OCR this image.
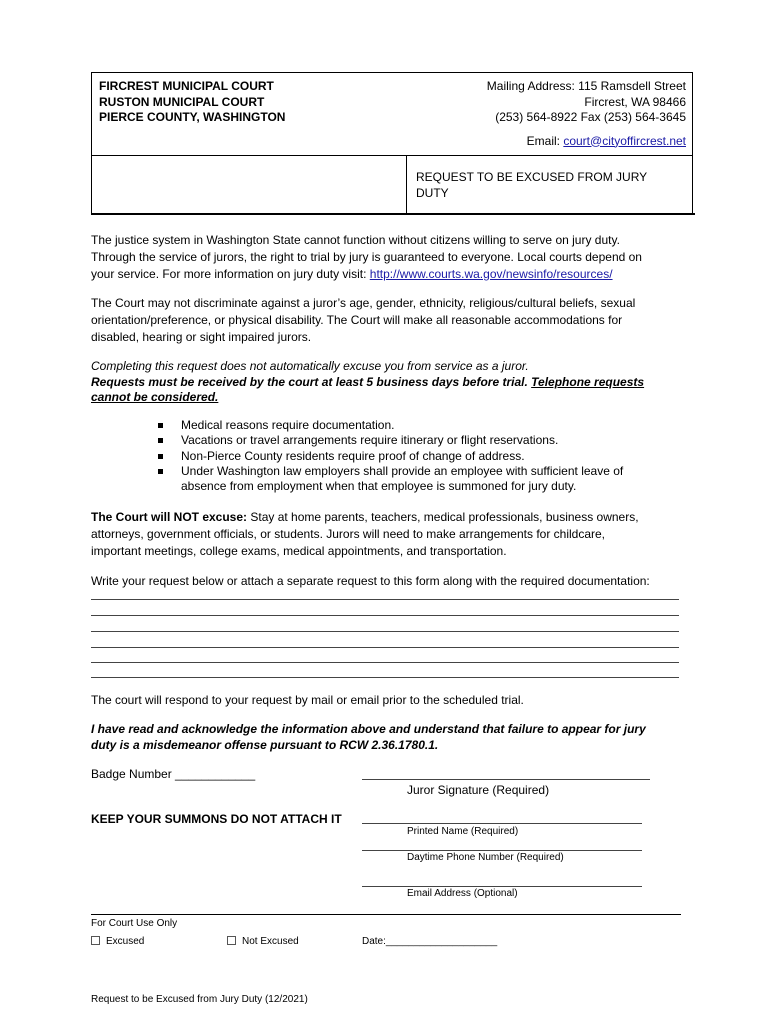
FIRCREST MUNICIPAL COURT
RUSTON MUNICIPAL COURT
PIERCE COUNTY, WASHINGTON
Mailing Address: 115 Ramsdell Street
Fircrest, WA 98466
(253) 564-8922 Fax (253) 564-3645
Email: court@cityoffircrest.net
REQUEST TO BE EXCUSED FROM JURY
DUTY
The justice system in Washington State cannot function without citizens willing to serve on jury duty.
Through the service of jurors, the right to trial by jury is guaranteed to everyone. Local courts depend on
your service. For more information on jury duty visit: http://www.courts.wa.gov/newsinfo/resources/
The Court may not discriminate against a juror’s age, gender, ethnicity, religious/cultural beliefs, sexual
orientation/preference, or physical disability. The Court will make all reasonable accommodations for
disabled, hearing or sight impaired jurors.
Completing this request does not automatically excuse you from service as a juror.
Requests must be received by the court at least 5 business days before trial. Telephone requests
cannot be considered.
Medical reasons require documentation.
Vacations or travel arrangements require itinerary or flight reservations.
Non-Pierce County residents require proof of change of address.
Under Washington law employers shall provide an employee with sufficient leave of absence from employment when that employee is summoned for jury duty.
The Court will NOT excuse: Stay at home parents, teachers, medical professionals, business owners,
attorneys, government officials, or students. Jurors will need to make arrangements for childcare,
important meetings, college exams, medical appointments, and transportation.
Write your request below or attach a separate request to this form along with the required documentation:
The court will respond to your request by mail or email prior to the scheduled trial.
I have read and acknowledge the information above and understand that failure to appear for jury
duty is a misdemeanor offense pursuant to RCW 2.36.1780.1.
Badge Number ____________
Juror Signature (Required)
KEEP YOUR SUMMONS DO NOT ATTACH IT
Printed Name (Required)
Daytime Phone Number (Required)
Email Address (Optional)
For Court Use Only
Excused	Not Excused	Date:____________________
Request to be Excused from Jury Duty (12/2021)
